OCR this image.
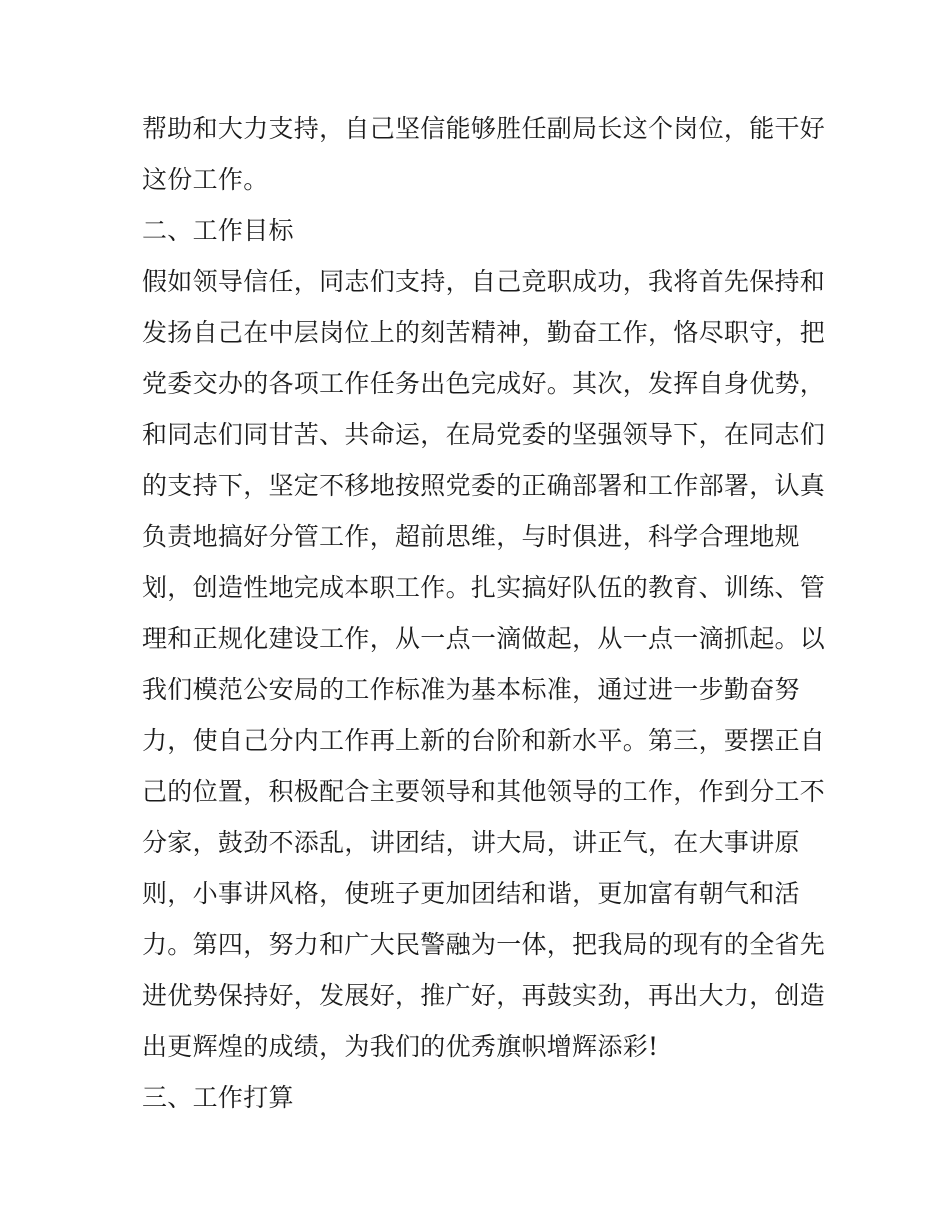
帮助和大力支持，自己坚信能够胜任副局长这个岗位，能干好
这份工作。
二、工作目标
假如领导信任，同志们支持，自己竞职成功，我将首先保持和
发扬自己在中层岗位上的刻苦精神，勤奋工作，恪尽职守，把
党委交办的各项工作任务出色完成好。其次，发挥自身优势，
和同志们同甘苦、共命运，在局党委的坚强领导下，在同志们
的支持下，坚定不移地按照党委的正确部署和工作部署，认真
负责地搞好分管工作，超前思维，与时俱进，科学合理地规
划，创造性地完成本职工作。扎实搞好队伍的教育、训练、管
理和正规化建设工作，从一点一滴做起，从一点一滴抓起。以
我们模范公安局的工作标准为基本标准，通过进一步勤奋努
力，使自己分内工作再上新的台阶和新水平。第三，要摆正自
己的位置，积极配合主要领导和其他领导的工作，作到分工不
分家，鼓劲不添乱，讲团结，讲大局，讲正气，在大事讲原
则，小事讲风格，使班子更加团结和谐，更加富有朝气和活
力。第四，努力和广大民警融为一体，把我局的现有的全省先
进优势保持好，发展好，推广好，再鼓实劲，再出大力，创造
出更辉煌的成绩，为我们的优秀旗帜增辉添彩!
三、工作打算
